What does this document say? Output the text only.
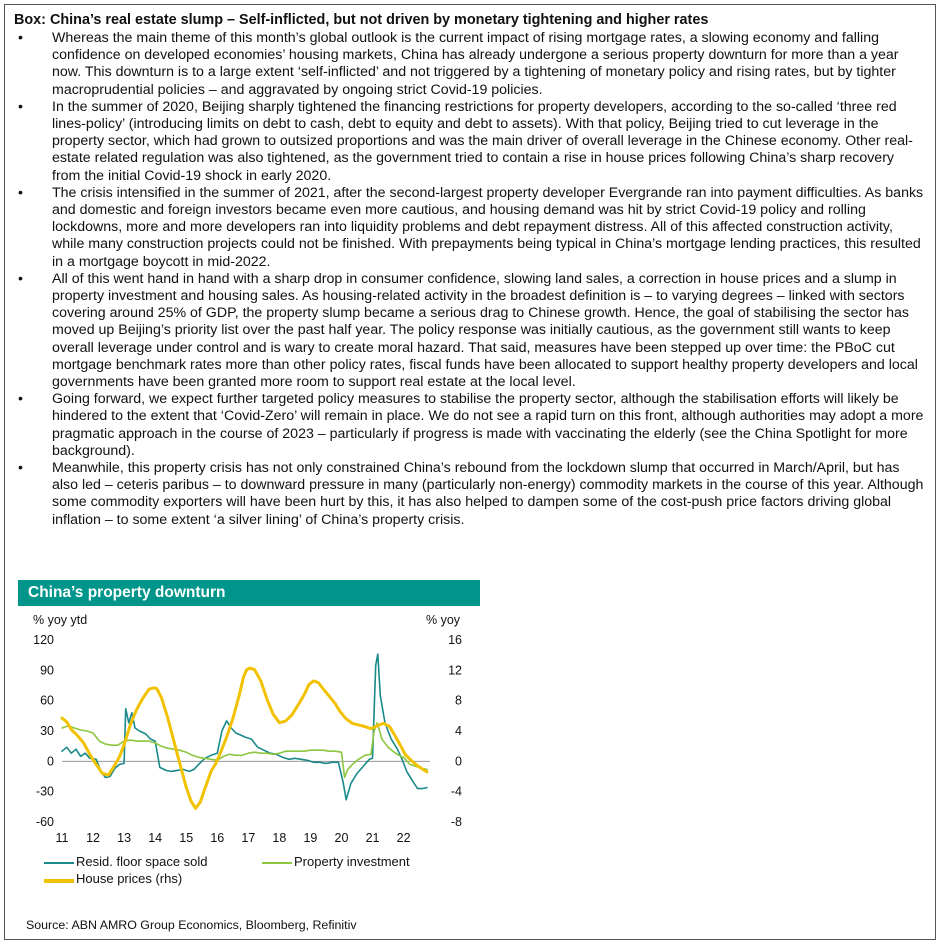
Box: China’s real estate slump – Self-inflicted, but not driven by monetary tightening and higher rates
• Whereas the main theme of this month’s global outlook is the current impact of rising mortgage rates, a slowing economy and falling confidence on developed economies’ housing markets, China has already undergone a serious property downturn for more than a year now. This downturn is to a large extent ‘self-inflicted’ and not triggered by a tightening of monetary policy and rising rates, but by tighter macroprudential policies – and aggravated by ongoing strict Covid-19 policies.
• In the summer of 2020, Beijing sharply tightened the financing restrictions for property developers, according to the so-called ‘three red lines-policy’ (introducing limits on debt to cash, debt to equity and debt to assets). With that policy, Beijing tried to cut leverage in the property sector, which had grown to outsized proportions and was the main driver of overall leverage in the Chinese economy. Other real-estate related regulation was also tightened, as the government tried to contain a rise in house prices following China’s sharp recovery from the initial Covid-19 shock in early 2020.
• The crisis intensified in the summer of 2021, after the second-largest property developer Evergrande ran into payment difficulties. As banks and domestic and foreign investors became even more cautious, and housing demand was hit by strict Covid-19 policy and rolling lockdowns, more and more developers ran into liquidity problems and debt repayment distress. All of this affected construction activity, while many construction projects could not be finished. With prepayments being typical in China’s mortgage lending practices, this resulted in a mortgage boycott in mid-2022.
• All of this went hand in hand with a sharp drop in consumer confidence, slowing land sales, a correction in house prices and a slump in property investment and housing sales. As housing-related activity in the broadest definition is – to varying degrees – linked with sectors covering around 25% of GDP, the property slump became a serious drag to Chinese growth. Hence, the goal of stabilising the sector has moved up Beijing’s priority list over the past half year. The policy response was initially cautious, as the government still wants to keep overall leverage under control and is wary to create moral hazard. That said, measures have been stepped up over time: the PBoC cut mortgage benchmark rates more than other policy rates, fiscal funds have been allocated to support healthy property developers and local governments have been granted more room to support real estate at the local level.
• Going forward, we expect further targeted policy measures to stabilise the property sector, although the stabilisation efforts will likely be hindered to the extent that ‘Covid-Zero’ will remain in place. We do not see a rapid turn on this front, although authorities may adopt a more pragmatic approach in the course of 2023 – particularly if progress is made with vaccinating the elderly (see the China Spotlight for more background).
• Meanwhile, this property crisis has not only constrained China’s rebound from the lockdown slump that occurred in March/April, but has also led – ceteris paribus – to downward pressure in many (particularly non-energy) commodity markets in the course of this year. Although some commodity exporters will have been hurt by this, it has also helped to dampen some of the cost-push price factors driving global inflation – to some extent ‘a silver lining’ of China’s property crisis.
China’s property downturn
% yoy ytd	% yoy
120
90
60
30
0
-30
-60
16
12
8
4
0
-4
-8
11 12 13 14 15 16 17 18 19 20 21 22
Resid. floor space sold	Property investment
House prices (rhs)
Source: ABN AMRO Group Economics, Bloomberg, Refinitiv
